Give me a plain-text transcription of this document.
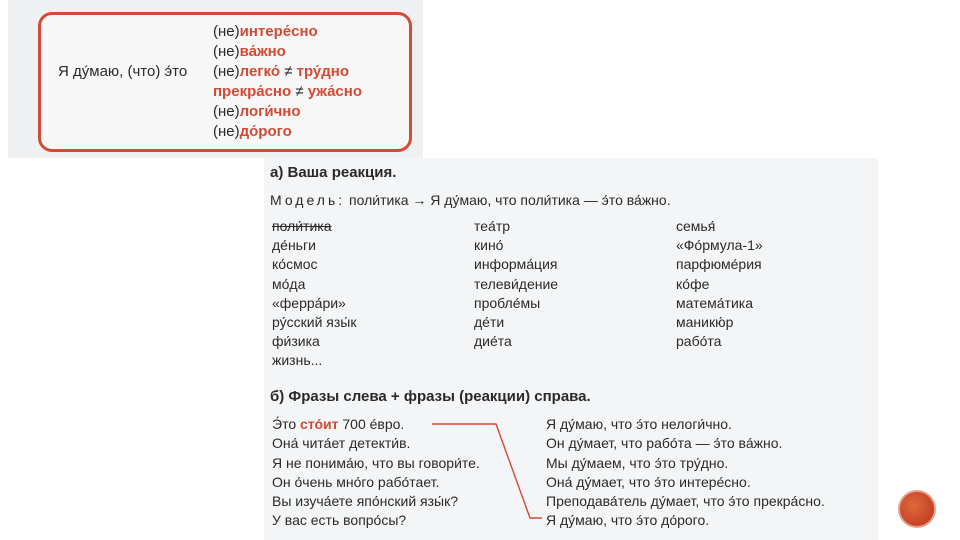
Я ду́маю, (что) э́то
(не)интере́сно
(не)ва́жно
(не)легко́ ≠ тру́дно
прекра́сно ≠ ужа́сно
(не)логи́чно
(не)до́рого
а) Ваша реакция.
Модель: поли́тика → Я ду́маю, что поли́тика — э́то ва́жно.
поли́тика
де́ньги
ко́смос
мо́да
«ферра́ри»
ру́сский язы́к
фи́зика
жизнь...
теа́тр
кино́
информа́ция
телеви́дение
пробле́мы
де́ти
дие́та
семья́
«Фо́рмула-1»
парфюме́рия
ко́фе
матема́тика
маникю́р
рабо́та
б) Фразы слева + фразы (реакции) справа.
Э́то сто́ит 700 е́вро.
Она́ чита́ет детекти́в.
Я не понима́ю, что вы говори́те.
Он о́чень мно́го рабо́тает.
Вы изуча́ете япо́нский язы́к?
У вас есть вопро́сы?
Я ду́маю, что э́то нелоги́чно.
Он ду́мает, что рабо́та — э́то ва́жно.
Мы ду́маем, что э́то тру́дно.
Она́ ду́мает, что э́то интере́сно.
Преподава́тель ду́мает, что э́то прекра́сно.
Я ду́маю, что э́то до́рого.
